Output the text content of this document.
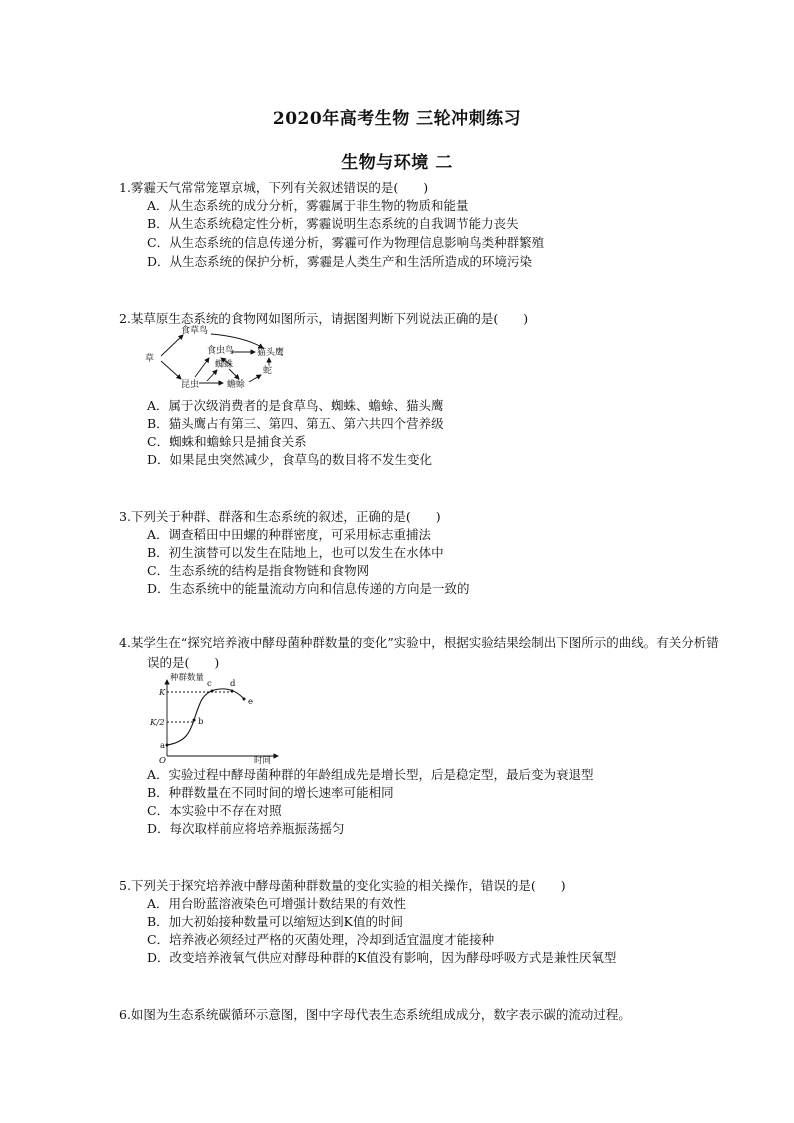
2020年高考生物 三轮冲刺练习
生物与环境 二
1.雾霾天气常常笼罩京城，下列有关叙述错误的是(　　)
A．从生态系统的成分分析，雾霾属于非生物的物质和能量
B．从生态系统稳定性分析，雾霾说明生态系统的自我调节能力丧失
C．从生态系统的信息传递分析，雾霾可作为物理信息影响鸟类种群繁殖
D．从生态系统的保护分析，雾霾是人类生产和生活所造成的环境污染
2.某草原生态系统的食物网如图所示，请据图判断下列说法正确的是(　　)
草
食草鸟
食虫鸟	猫头鹰
蜘蛛
昆虫	蟾蜍
蛇
A．属于次级消费者的是食草鸟、蜘蛛、蟾蜍、猫头鹰
B．猫头鹰占有第三、第四、第五、第六共四个营养级
C．蜘蛛和蟾蜍只是捕食关系
D．如果昆虫突然减少，食草鸟的数目将不发生变化
3.下列关于种群、群落和生态系统的叙述，正确的是(　　)
A．调查稻田中田螺的种群密度，可采用标志重捕法
B．初生演替可以发生在陆地上，也可以发生在水体中
C．生态系统的结构是指食物链和食物网
D．生态系统中的能量流动方向和信息传递的方向是一致的
4.某学生在“探究培养液中酵母菌种群数量的变化”实验中，根据实验结果绘制出下图所示的曲线。有关分析错误的是(　　)
种群数量
时间
K
K/2
O
a
b
c d
e
A．实验过程中酵母菌种群的年龄组成先是增长型，后是稳定型，最后变为衰退型
B．种群数量在不同时间的增长速率可能相同
C．本实验中不存在对照
D．每次取样前应将培养瓶振荡摇匀
5.下列关于探究培养液中酵母菌种群数量的变化实验的相关操作，错误的是(　　)
A．用台盼蓝溶液染色可增强计数结果的有效性
B．加大初始接种数量可以缩短达到K值的时间
C．培养液必须经过严格的灭菌处理，冷却到适宜温度才能接种
D．改变培养液氧气供应对酵母种群的K值没有影响，因为酵母呼吸方式是兼性厌氧型
6.如图为生态系统碳循环示意图，图中字母代表生态系统组成成分，数字表示碳的流动过程。
